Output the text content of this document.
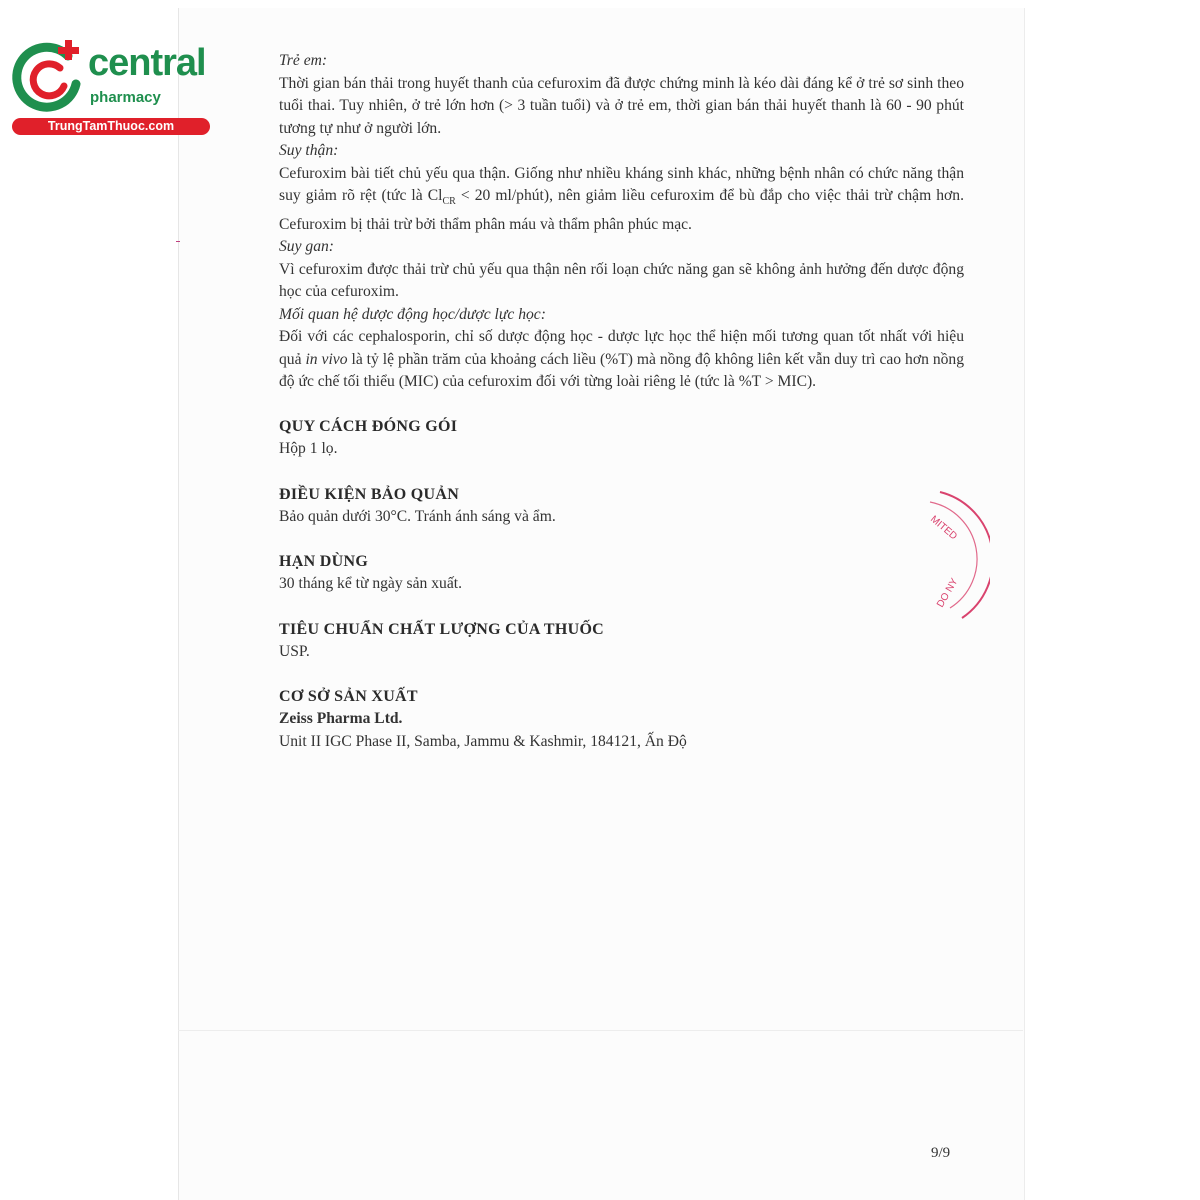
central
pharmacy
TrungTamThuoc.com

Trẻ em:

Thời gian bán thải trong huyết thanh của cefuroxim đã được chứng minh là kéo dài đáng kể ở trẻ sơ sinh theo tuổi thai. Tuy nhiên, ở trẻ lớn hơn (> 3 tuần tuổi) và ở trẻ em, thời gian bán thải huyết thanh là 60 - 90 phút tương tự như ở người lớn.

Suy thận:

Cefuroxim bài tiết chủ yếu qua thận. Giống như nhiều kháng sinh khác, những bệnh nhân có chức năng thận suy giảm rõ rệt (tức là $Cl_{CR} < 20$ ml/phút), nên giảm liều cefuroxim để bù đắp cho việc thải trừ chậm hơn. Cefuroxim bị thải trừ bởi thẩm phân máu và thẩm phân phúc mạc.

Suy gan:

Vì cefuroxim được thải trừ chủ yếu qua thận nên rối loạn chức năng gan sẽ không ảnh hưởng đến dược động học của cefuroxim.

Mối quan hệ dược động học/dược lực học:

Đối với các cephalosporin, chỉ số dược động học - dược lực học thể hiện mối tương quan tốt nhất với hiệu quả in vivo là tỷ lệ phần trăm của khoảng cách liều (%T) mà nồng độ không liên kết vẫn duy trì cao hơn nồng độ ức chế tối thiểu (MIC) của cefuroxim đối với từng loài riêng lẻ (tức là %T > MIC).

QUY CÁCH ĐÓNG GÓI

Hộp 1 lọ.

ĐIỀU KIỆN BẢO QUẢN

Bảo quản dưới 30°C. Tránh ánh sáng và ẩm.

HẠN DÙNG

30 tháng kể từ ngày sản xuất.

TIÊU CHUẨN CHẤT LƯỢNG CỦA THUỐC

USP.

CƠ SỞ SẢN XUẤT

Zeiss Pharma Ltd.

Unit II IGC Phase II, Samba, Jammu & Kashmir, 184121, Ấn Độ

MITED
DO NY
9/9
